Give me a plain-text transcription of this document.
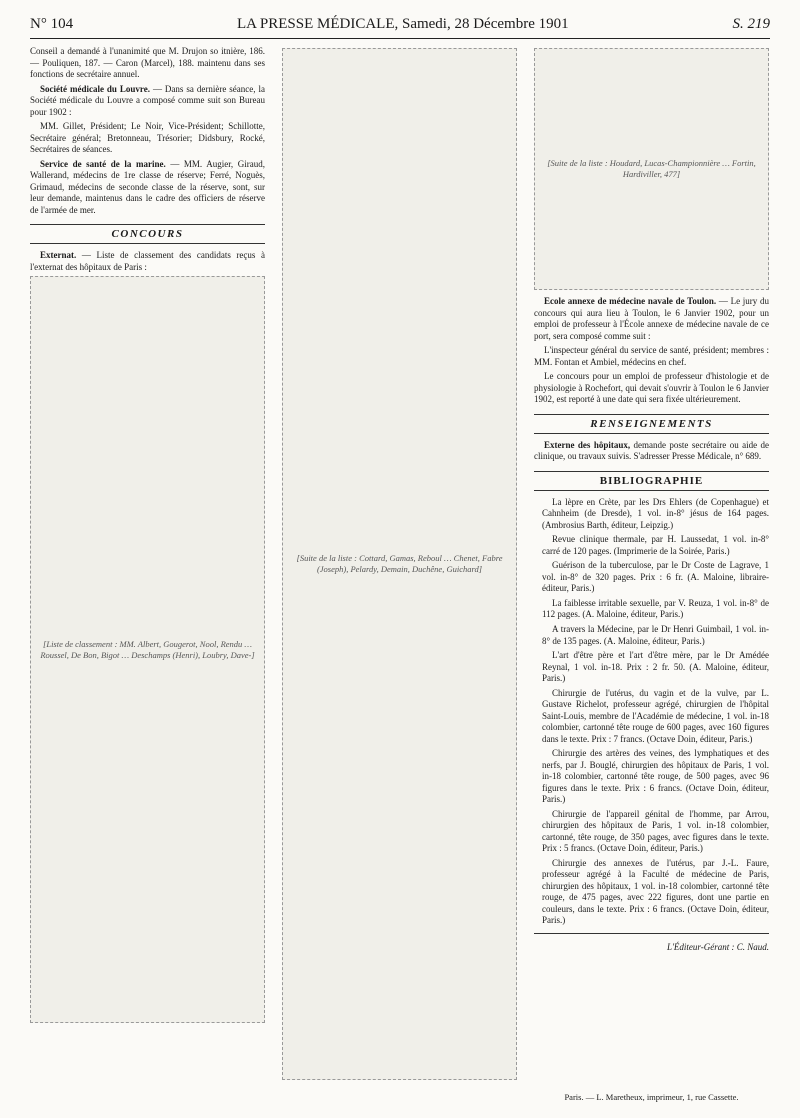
N° 104	LA PRESSE MÉDICALE, Samedi, 28 Décembre 1901	S. 219

Conseil a demandé à l'unanimité que M. Drujon so itnière, 186. — Pouliquen, 187. — Caron (Marcel), 188. maintenu dans ses fonctions de secrétaire annuel.

Société médicale du Louvre. — Dans sa dernière séance, la Société médicale du Louvre a composé comme suit son Bureau pour 1902 :

MM. Gillet, Président; Le Noir, Vice-Président; Schillotte, Secrétaire général; Bretonneau, Trésorier; Didsbury, Rocké, Secrétaires de séances.

Service de santé de la marine. — MM. Augier, Giraud, Wallerand, médecins de 1re classe de réserve; Ferré, Noguès, Grimaud, médecins de seconde classe de la réserve, sont, sur leur demande, maintenus dans le cadre des officiers de réserve de l'armée de mer.

CONCOURS

Externat. — Liste de classement des candidats reçus à l'externat des hôpitaux de Paris :

[Liste de classement : MM. Albert, Gougerot, Nool, Rendu … Roussel, De Bon, Bigot … Deschamps (Henri), Loubry, Dave-]
[Suite de la liste : Cottard, Gamas, Reboul … Chenet, Fabre (Joseph), Pelardy, Demain, Duchêne, Guichard]
[Suite de la liste : Houdard, Lucas-Championnière … Fortin, Hardiviller, 477]

Ecole annexe de médecine navale de Toulon. — Le jury du concours qui aura lieu à Toulon, le 6 Janvier 1902, pour un emploi de professeur à l'École annexe de médecine navale de ce port, sera composé comme suit :

L'inspecteur général du service de santé, président; membres : MM. Fontan et Ambiel, médecins en chef.

Le concours pour un emploi de professeur d'histologie et de physiologie à Rochefort, qui devait s'ouvrir à Toulon le 6 Janvier 1902, est reporté à une date qui sera fixée ultérieurement.

RENSEIGNEMENTS

Externe des hôpitaux, demande poste secrétaire ou aide de clinique, ou travaux suivis. S'adresser Presse Médicale, n° 689.

BIBLIOGRAPHIE

La lèpre en Crète, par les Drs Ehlers (de Copenhague) et Cahnheim (de Dresde), 1 vol. in-8° jésus de 164 pages. (Ambrosius Barth, éditeur, Leipzig.)

Revue clinique thermale, par H. Laussedat, 1 vol. in-8° carré de 120 pages. (Imprimerie de la Soirée, Paris.)

Guérison de la tuberculose, par le Dr Coste de Lagrave, 1 vol. in-8° de 320 pages. Prix : 6 fr. (A. Maloine, libraire-éditeur, Paris.)

La faiblesse irritable sexuelle, par V. Reuza, 1 vol. in-8° de 112 pages. (A. Maloine, éditeur, Paris.)

A travers la Médecine, par le Dr Henri Guimbail, 1 vol. in-8° de 135 pages. (A. Maloine, éditeur, Paris.)

L'art d'être père et l'art d'être mère, par le Dr Amédée Reynal, 1 vol. in-18. Prix : 2 fr. 50. (A. Maloine, éditeur, Paris.)

Chirurgie de l'utérus, du vagin et de la vulve, par L. Gustave Richelot, professeur agrégé, chirurgien de l'hôpital Saint-Louis, membre de l'Académie de médecine, 1 vol. in-18 colombier, cartonné tête rouge de 600 pages, avec 160 figures dans le texte. Prix : 7 francs. (Octave Doin, éditeur, Paris.)

Chirurgie des artères des veines, des lymphatiques et des nerfs, par J. Bouglé, chirurgien des hôpitaux de Paris, 1 vol. in-18 colombier, cartonné tête rouge, de 500 pages, avec 96 figures dans le texte. Prix : 6 francs. (Octave Doin, éditeur, Paris.)

Chirurgie de l'appareil génital de l'homme, par Arrou, chirurgien des hôpitaux de Paris, 1 vol. in-18 colombier, cartonné, tête rouge, de 350 pages, avec figures dans le texte. Prix : 5 francs. (Octave Doin, éditeur, Paris.)

Chirurgie des annexes de l'utérus, par J.-L. Faure, professeur agrégé à la Faculté de médecine de Paris, chirurgien des hôpitaux, 1 vol. in-18 colombier, cartonné tête rouge, de 475 pages, avec 222 figures, dont une partie en couleurs, dans le texte. Prix : 6 francs. (Octave Doin, éditeur, Paris.)

L'Éditeur-Gérant : C. Naud.
Paris. — L. Maretheux, imprimeur, 1, rue Cassette.
